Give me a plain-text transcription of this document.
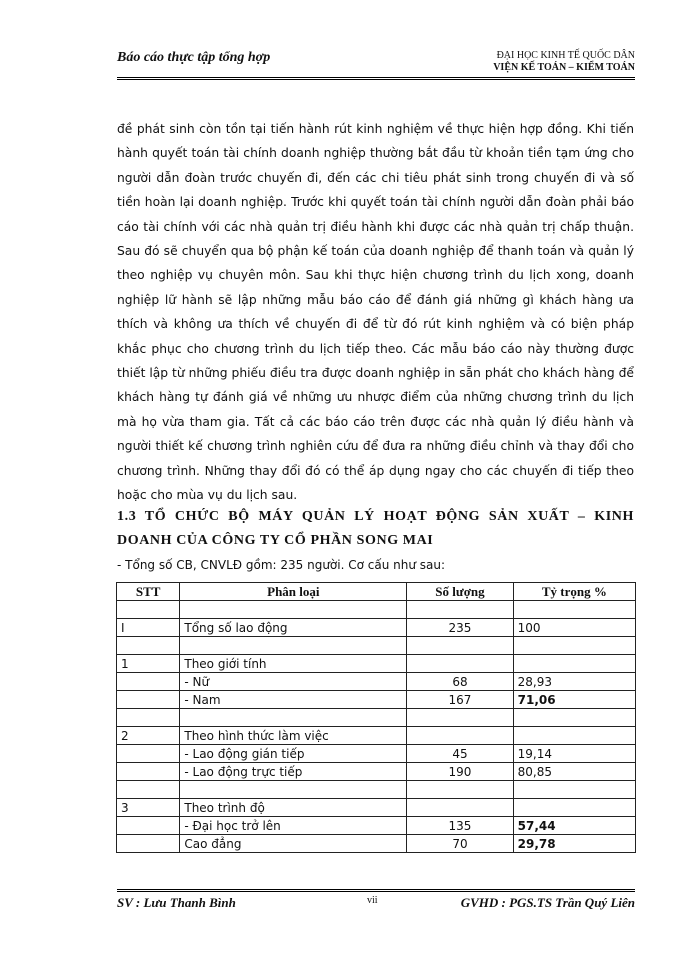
Báo cáo thực tập tổng hợp	ĐẠI HỌC KINH TẾ QUỐC DÂN
VIỆN KẾ TOÁN – KIỂM TOÁN

đề phát sinh còn tồn tại tiến hành rút kinh nghiệm về thực hiện hợp đồng. Khi tiến hành quyết toán tài chính doanh nghiệp thường bắt đầu từ khoản tiền tạm ứng cho người dẫn đoàn trước chuyến đi, đến các chi tiêu phát sinh trong chuyến đi và số tiền hoàn lại doanh nghiệp. Trước khi quyết toán tài chính người dẫn đoàn phải báo cáo tài chính với các nhà quản trị điều hành khi được các nhà quản trị chấp thuận. Sau đó sẽ chuyển qua bộ phận kế toán của doanh nghiệp để thanh toán và quản lý theo nghiệp vụ chuyên môn. Sau khi thực hiện chương trình du lịch xong, doanh nghiệp lữ hành sẽ lập những mẫu báo cáo để đánh giá những gì khách hàng ưa thích và không ưa thích về chuyến đi để từ đó rút kinh nghiệm và có biện pháp khắc phục cho chương trình du lịch tiếp theo. Các mẫu báo cáo này thường được thiết lập từ những phiếu điều tra được doanh nghiệp in sẵn phát cho khách hàng để khách hàng tự đánh giá về những ưu nhược điểm của những chương trình du lịch mà họ vừa tham gia. Tất cả các báo cáo trên được các nhà quản lý điều hành và người thiết kế chương trình nghiên cứu để đưa ra những điều chỉnh và thay đổi cho chương trình. Những thay đổi đó có thể áp dụng ngay cho các chuyến đi tiếp theo hoặc cho mùa vụ du lịch sau.

1.3 TỔ CHỨC BỘ MÁY QUẢN LÝ HOẠT ĐỘNG SẢN XUẤT – KINH DOANH CỦA CÔNG TY CỔ PHẦN SONG MAI
- Tổng số CB, CNVLĐ gồm: 235 người. Cơ cấu như sau:
STT	Phân loại	Số lượng	Tỷ trọng %

I	Tổng số lao động	235	100

1	Theo giới tính		
	- Nữ	68	28,93
	- Nam	167	71,06

2	Theo hình thức làm việc		
	- Lao động gián tiếp	45	19,14
	- Lao động trực tiếp	190	80,85

3	Theo trình độ		
	- Đại học trở lên	135	57,44
	Cao đẳng	70	29,78
SV : Lưu Thanh Bình	vii	GVHD : PGS.TS Trần Quý Liên
